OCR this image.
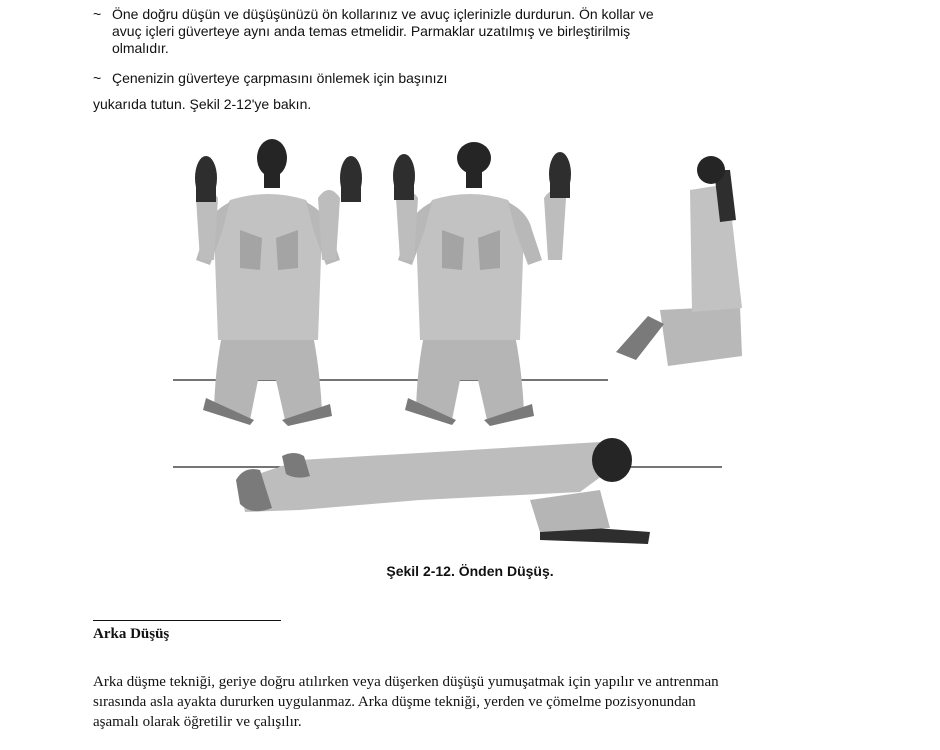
~ Öne doğru düşün ve düşüşünüzü ön kollarınız ve avuç içlerinizle durdurun. Ön kollar ve
avuç içleri güverteye aynı anda temas etmelidir. Parmaklar uzatılmış ve birleştirilmiş
olmalıdır.
~ Çenenizin güverteye çarpmasını önlemek için başınızı
yukarıda tutun. Şekil 2-12'ye bakın.
Şekil 2-12. Önden Düşüş.
Arka Düşüş
Arka düşme tekniği, geriye doğru atılırken veya düşerken düşüşü yumuşatmak için yapılır ve antrenman
sırasında asla ayakta dururken uygulanmaz. Arka düşme tekniği, yerden ve çömelme pozisyonundan
aşamalı olarak öğretilir ve çalışılır.
